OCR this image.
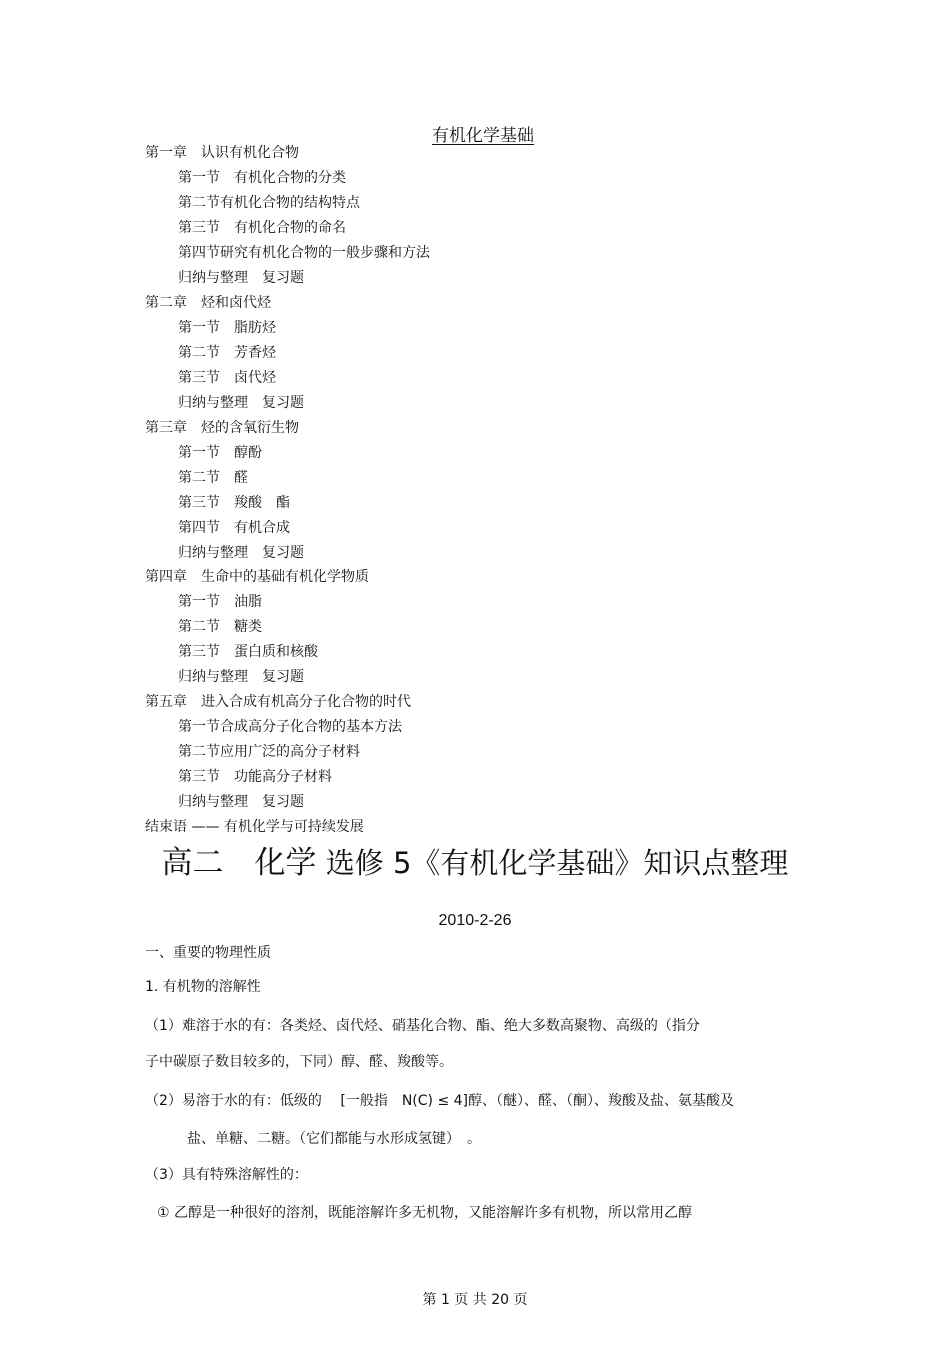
有机化学基础
第一章　认识有机化合物
第一节　有机化合物的分类
第二节有机化合物的结构特点
第三节　有机化合物的命名
第四节研究有机化合物的一般步骤和方法
归纳与整理　复习题
第二章　烃和卤代烃
第一节　脂肪烃
第二节　芳香烃
第三节　卤代烃
归纳与整理　复习题
第三章　烃的含氧衍生物
第一节　醇酚
第二节　醛
第三节　羧酸　酯
第四节　有机合成
归纳与整理　复习题
第四章　生命中的基础有机化学物质
第一节　油脂
第二节　糖类
第三节　蛋白质和核酸
归纳与整理　复习题
第五章　进入合成有机高分子化合物的时代
第一节合成高分子化合物的基本方法
第二节应用广泛的高分子材料
第三节　功能高分子材料
归纳与整理　复习题
结束语 —— 有机化学与可持续发展
高二　化学 选修 5《有机化学基础》知识点整理
2010-2-26
一、重要的物理性质
1. 有机物的溶解性
（1）难溶于水的有：各类烃、卤代烃、硝基化合物、酯、绝大多数高聚物、高级的（指分
子中碳原子数目较多的，下同）醇、醛、羧酸等。
（2）易溶于水的有：低级的　 [一般指　N(C) ≤ 4]醇、（醚）、醛、（酮）、羧酸及盐、氨基酸及
盐、单糖、二糖。（它们都能与水形成氢键）　。
（3）具有特殊溶解性的：
① 乙醇是一种很好的溶剂，既能溶解许多无机物，又能溶解许多有机物，所以常用乙醇
第 1 页 共 20 页
